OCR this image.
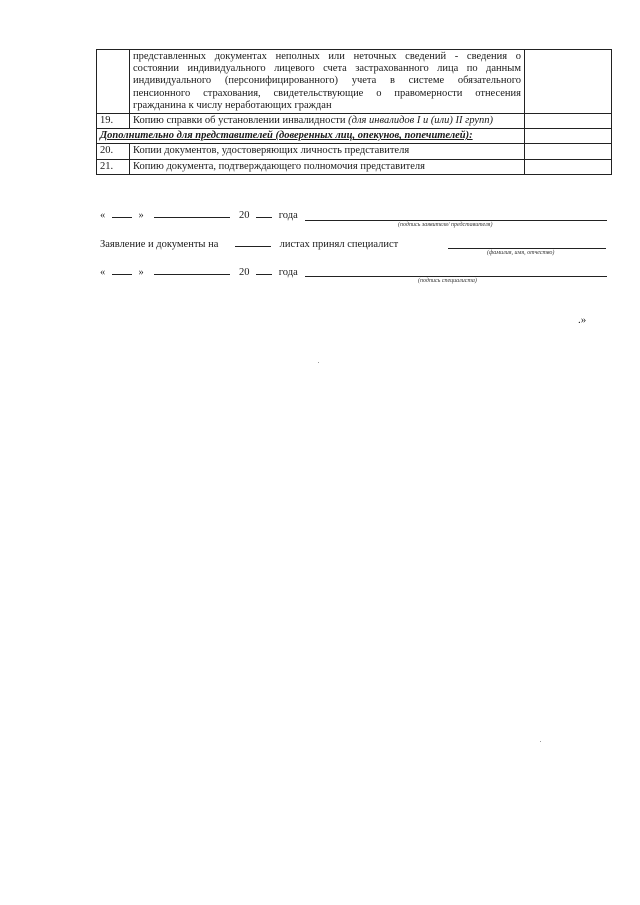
	представленных документах неполных или неточных сведений - сведения о состоянии индивидуального лицевого счета застрахованного лица по данным индивидуального (персонифицированного) учета в системе обязательного пенсионного страхования, свидетельствующие о правомерности отнесения гражданина к числу неработающих граждан	
19.	Копию справки об установлении инвалидности (для инвалидов I и (или) II групп)	
Дополнительно для представителей (доверенных лиц, опекунов, попечителей):		
20.	Копии документов, удостоверяющих личность представителя	
21.	Копию документа, подтверждающего полномочия представителя	
«	»	20	года
(подпись заявителя/ представителя)
Заявление и документы на	листах принял специалист
(фамилия, имя, отчество)
«	»	20	года
(подпись специалиста)
.»
